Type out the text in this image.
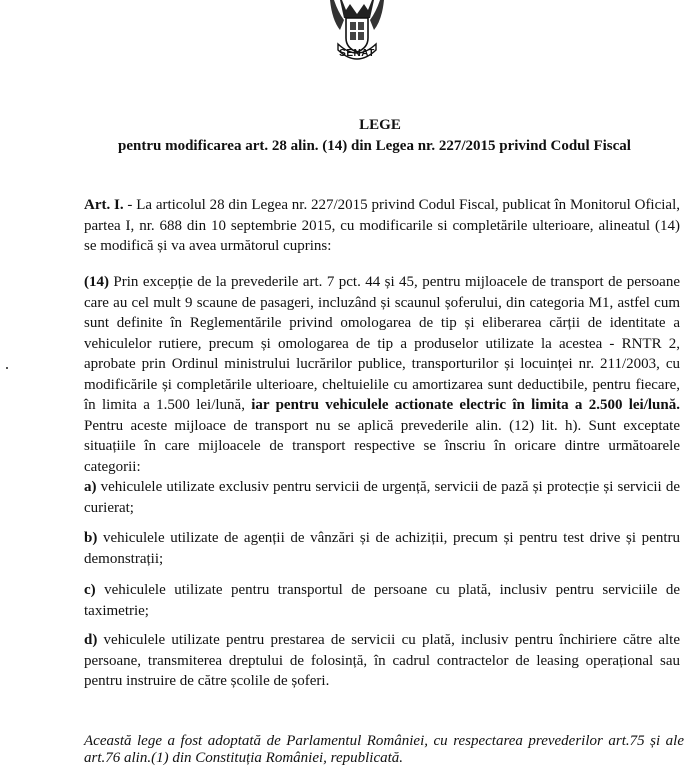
SENAT
LEGE
pentru modificarea art. 28 alin. (14) din Legea nr. 227/2015 privind Codul Fiscal
Art. I. - La articolul 28 din Legea nr. 227/2015 privind Codul Fiscal, publicat în Monitorul Oficial, partea I, nr. 688 din 10 septembrie 2015, cu modificarile si completările ulterioare, alineatul (14) se modifică și va avea următorul cuprins:
(14) Prin excepție de la prevederile art. 7 pct. 44 și 45, pentru mijloacele de transport de persoane care au cel mult 9 scaune de pasageri, incluzând și scaunul șoferului, din categoria M1, astfel cum sunt definite în Reglementările privind omologarea de tip și eliberarea cărții de identitate a vehiculelor rutiere, precum și omologarea de tip a produselor utilizate la acestea - RNTR 2, aprobate prin Ordinul ministrului lucrărilor publice, transporturilor și locuinței nr. 211/2003, cu modificările și completările ulterioare, cheltuielile cu amortizarea sunt deductibile, pentru fiecare, în limita a 1.500 lei/lună, iar pentru vehiculele actionate electric în limita a 2.500 lei/lună. Pentru aceste mijloace de transport nu se aplică prevederile alin. (12) lit. h). Sunt exceptate situațiile în care mijloacele de transport respective se înscriu în oricare dintre următoarele categorii:
a) vehiculele utilizate exclusiv pentru servicii de urgență, servicii de pază și protecție și servicii de curierat;
b) vehiculele utilizate de agenții de vânzări și de achiziții, precum și pentru test drive și pentru demonstrații;
c) vehiculele utilizate pentru transportul de persoane cu plată, inclusiv pentru serviciile de taximetrie;
d) vehiculele utilizate pentru prestarea de servicii cu plată, inclusiv pentru închiriere către alte persoane, transmiterea dreptului de folosință, în cadrul contractelor de leasing operațional sau pentru instruire de către școlile de șoferi.
Această lege a fost adoptată de Parlamentul României, cu respectarea prevederilor art.75 și ale art.76 alin.(1) din Constituția României, republicată.
